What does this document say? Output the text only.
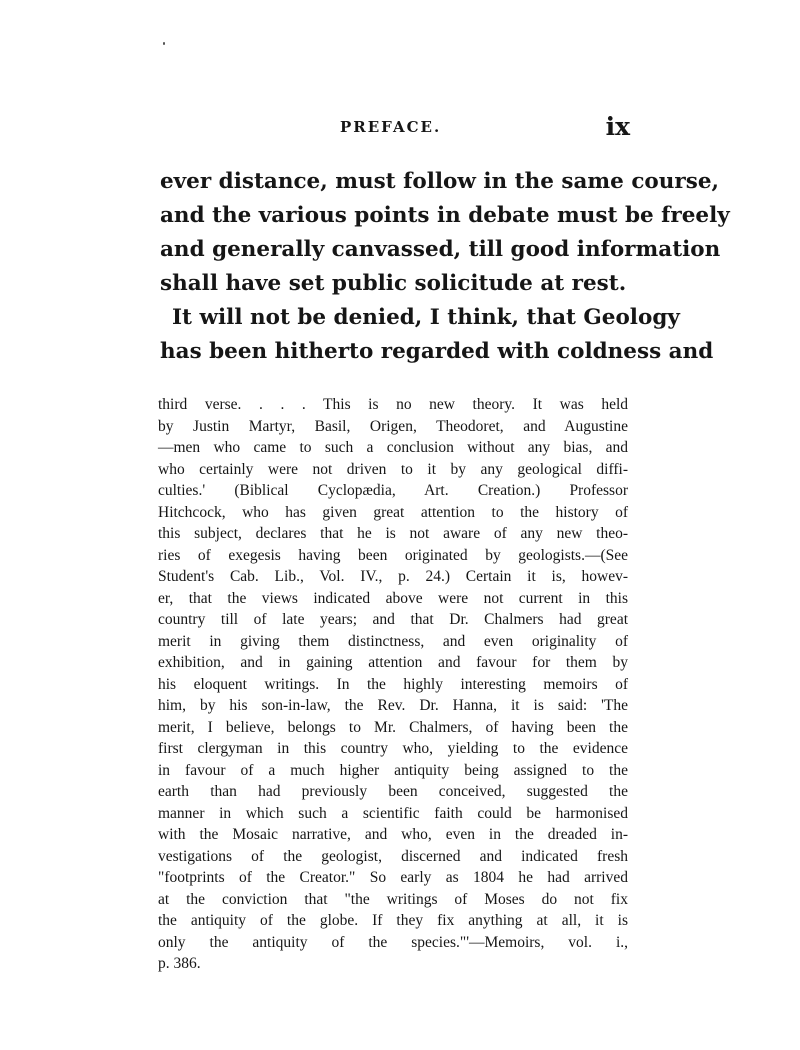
PREFACE.	ix
ever distance, must follow in the same course,
and the various points in debate must be freely
and generally canvassed, till good information
shall have set public solicitude at rest.
It will not be denied, I think, that Geology
has been hitherto regarded with coldness and
third verse. . . . This is no new theory. It was held
by Justin Martyr, Basil, Origen, Theodoret, and Augustine
—men who came to such a conclusion without any bias, and
who certainly were not driven to it by any geological diffi-
culties.' (Biblical Cyclopædia, Art. Creation.) Professor
Hitchcock, who has given great attention to the history of
this subject, declares that he is not aware of any new theo-
ries of exegesis having been originated by geologists.—(See
Student's Cab. Lib., Vol. IV., p. 24.) Certain it is, howev-
er, that the views indicated above were not current in this
country till of late years; and that Dr. Chalmers had great
merit in giving them distinctness, and even originality of
exhibition, and in gaining attention and favour for them by
his eloquent writings. In the highly interesting memoirs of
him, by his son-in-law, the Rev. Dr. Hanna, it is said: 'The
merit, I believe, belongs to Mr. Chalmers, of having been the
first clergyman in this country who, yielding to the evidence
in favour of a much higher antiquity being assigned to the
earth than had previously been conceived, suggested the
manner in which such a scientific faith could be harmonised
with the Mosaic narrative, and who, even in the dreaded in-
vestigations of the geologist, discerned and indicated fresh
"footprints of the Creator." So early as 1804 he had arrived
at the conviction that "the writings of Moses do not fix
the antiquity of the globe. If they fix anything at all, it is
only the antiquity of the species."'—Memoirs, vol. i.,
p. 386.
